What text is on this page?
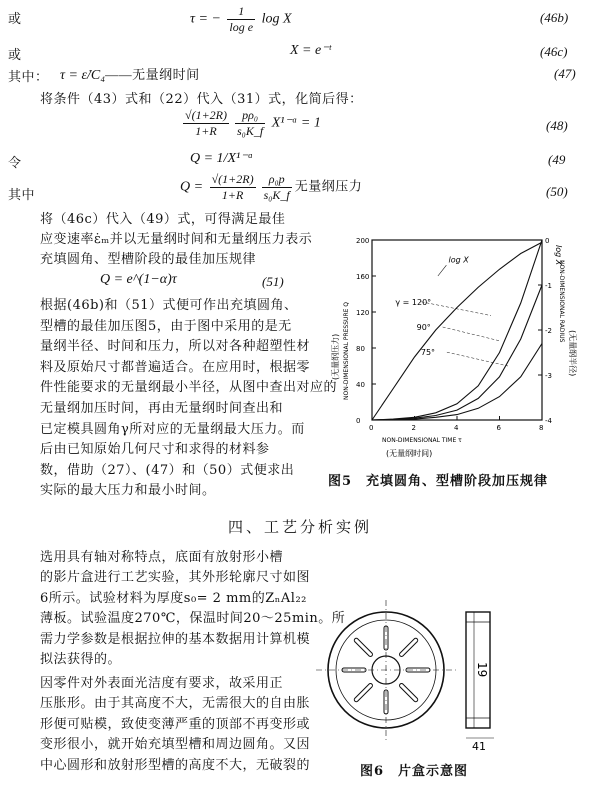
或	τ = − $\frac{1}{\text{log e}}$ log X	(46b)
或	X = e⁻ᵗ	(46c)
其中： τ = ε̇/C₄——无量纲时间	(47)
将条件（43）式和（22）代入（31）式，化简后得：
$\frac{√(1+2R)}{1+R} \frac{\text{pρ₀}}{\text{s₀K\_f}}$ X¹⁻ᵅ = 1	(48)
令	Q = 1/X¹⁻ᵅ	(49
其中
$Q = \frac{√(1+2R)}{1+R} \frac{\text{ρ₀p}}{\text{s₀K\_f}}$ 无量纲压力	(50)
将（46c）代入（49）式，可得满足最佳
应变速率ε̇ₘ并以无量纲时间和无量纲压力表示
充填圆角、型槽阶段的最佳加压规律
Q = e^(1−α)τ	(51)
根据(46b)和（51）式便可作出充填圆角、
型槽的最佳加压图5，由于图中采用的是无
量纲半径、时间和压力，所以对各种超塑性材
料及原始尺寸都普遍适合。在应用时，根据零
件性能要求的无量纲最小半径，从图中查出对应的
无量纲加压时间，再由无量纲时间查出和
已定模具圆角γ所对应的无量纲最大压力。而
后由已知原始几何尺寸和求得的材料参
数，借助（27）、(47）和（50）式便求出
实际的最大压力和最小时间。
0	2	4	6	8
0
40
80
120
160
200	0
-1
-2
-3
-4
log X
γ = 120°
90°
75°
NON-DIMENSIONAL PRESSURE Q
(无量纲压力)
NON-DIMENSIONAL RADIUS
log X
(无量纲半径)
NON-DIMENSIONAL TIME τ
(无量纲时间)
图5　充填圆角、型槽阶段加压规律
四、工艺分析实例
选用具有轴对称特点，底面有放射形小槽
的影片盒进行工艺实验，其外形轮廓尺寸如图
6所示。试验材料为厚度s₀= 2 mm的ZₙAl₂₂
薄板。试验温度270℃，保温时间20～25min。所
需力学参数是根据拉伸的基本数据用计算机模
拟法获得的。
因零件对外表面光洁度有要求，故采用正
压胀形。由于其高度不大，无需很大的自由胀
形便可贴模，致使变薄严重的顶部不再变形或
变形很小，就开始充填型槽和周边圆角。又因
中心圆形和放射形型槽的高度不大，无破裂的
19
41
图6　片盒示意图
